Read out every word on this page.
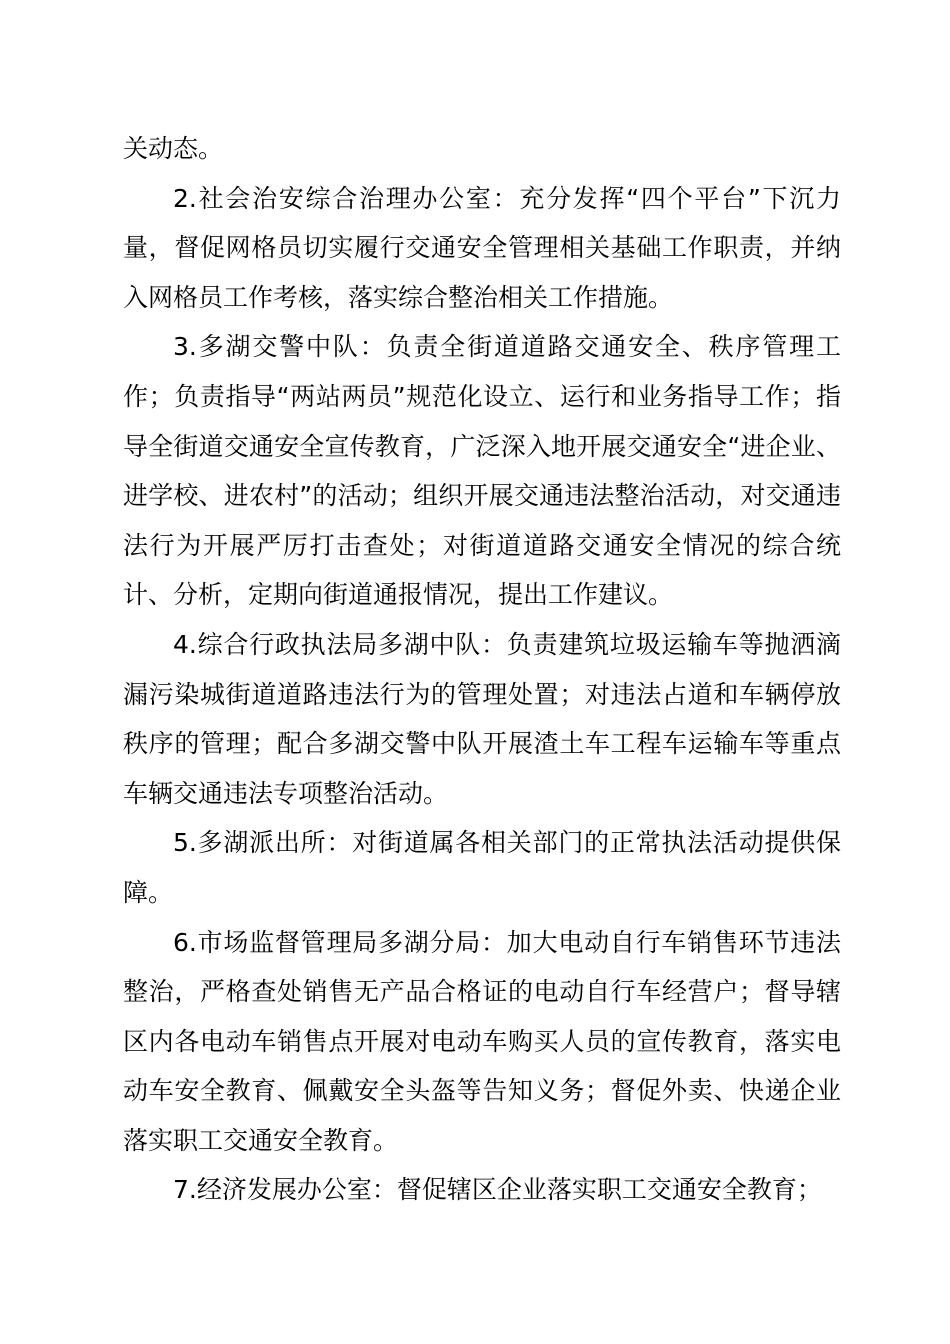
关动态。

2.社会治安综合治理办公室：充分发挥“四个平台”下沉力量，督促网格员切实履行交通安全管理相关基础工作职责，并纳入网格员工作考核，落实综合整治相关工作措施。

3.多湖交警中队：负责全街道道路交通安全、秩序管理工作；负责指导“两站两员”规范化设立、运行和业务指导工作；指导全街道交通安全宣传教育，广泛深入地开展交通安全“进企业、进学校、进农村”的活动；组织开展交通违法整治活动，对交通违法行为开展严厉打击查处；对街道道路交通安全情况的综合统计、分析，定期向街道通报情况，提出工作建议。

4.综合行政执法局多湖中队：负责建筑垃圾运输车等抛洒滴漏污染城街道道路违法行为的管理处置；对违法占道和车辆停放秩序的管理；配合多湖交警中队开展渣土车工程车运输车等重点车辆交通违法专项整治活动。

5.多湖派出所：对街道属各相关部门的正常执法活动提供保障。

6.市场监督管理局多湖分局：加大电动自行车销售环节违法整治，严格查处销售无产品合格证的电动自行车经营户；督导辖区内各电动车销售点开展对电动车购买人员的宣传教育，落实电动车安全教育、佩戴安全头盔等告知义务；督促外卖、快递企业落实职工交通安全教育。

7.经济发展办公室：督促辖区企业落实职工交通安全教育；
